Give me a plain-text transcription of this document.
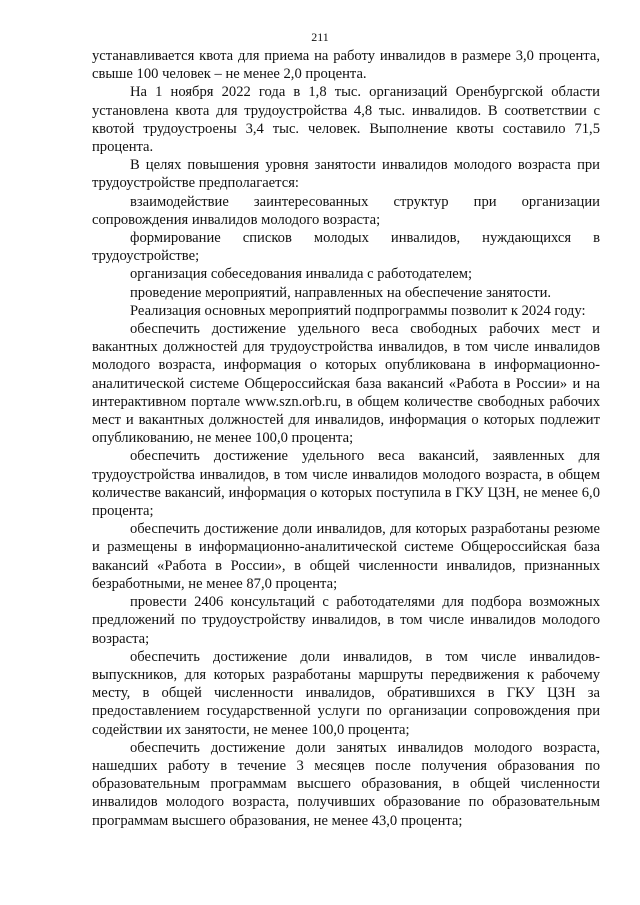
211

устанавливается квота для приема на работу инвалидов в размере 3,0 процента, свыше 100 человек – не менее 2,0 процента.

На 1 ноября 2022 года в 1,8 тыс. организаций Оренбургской области установлена квота для трудоустройства 4,8 тыс. инвалидов. В соответствии с квотой трудоустроены 3,4 тыс. человек. Выполнение квоты составило 71,5 процента.

В целях повышения уровня занятости инвалидов молодого возраста при трудоустройстве предполагается:

взаимодействие заинтересованных структур при организации сопровождения инвалидов молодого возраста;

формирование списков молодых инвалидов, нуждающихся в трудоустройстве;

организация собеседования инвалида с работодателем;

проведение мероприятий, направленных на обеспечение занятости.

Реализация основных мероприятий подпрограммы позволит к 2024 году:

обеспечить достижение удельного веса свободных рабочих мест и вакантных должностей для трудоустройства инвалидов, в том числе инвалидов молодого возраста, информация о которых опубликована в информационно-аналитической системе Общероссийская база вакансий «Работа в России» и на интерактивном портале www.szn.orb.ru, в общем количестве свободных рабочих мест и вакантных должностей для инвалидов, информация о которых подлежит опубликованию, не менее 100,0 процента;

обеспечить достижение удельного веса вакансий, заявленных для трудоустройства инвалидов, в том числе инвалидов молодого возраста, в общем количестве вакансий, информация о которых поступила в ГКУ ЦЗН, не менее 6,0 процента;

обеспечить достижение доли инвалидов, для которых разработаны резюме и размещены в информационно-аналитической системе Общероссийская база вакансий «Работа в России», в общей численности инвалидов, признанных безработными, не менее 87,0 процента;

провести 2406 консультаций с работодателями для подбора возможных предложений по трудоустройству инвалидов, в том числе инвалидов молодого возраста;

обеспечить достижение доли инвалидов, в том числе инвалидов-выпускников, для которых разработаны маршруты передвижения к рабочему месту, в общей численности инвалидов, обратившихся в ГКУ ЦЗН за предоставлением государственной услуги по организации сопровождения при содействии их занятости, не менее 100,0 процента;

обеспечить достижение доли занятых инвалидов молодого возраста, нашедших работу в течение 3 месяцев после получения образования по образовательным программам высшего образования, в общей численности инвалидов молодого возраста, получивших образование по образовательным программам высшего образования, не менее 43,0 процента;
